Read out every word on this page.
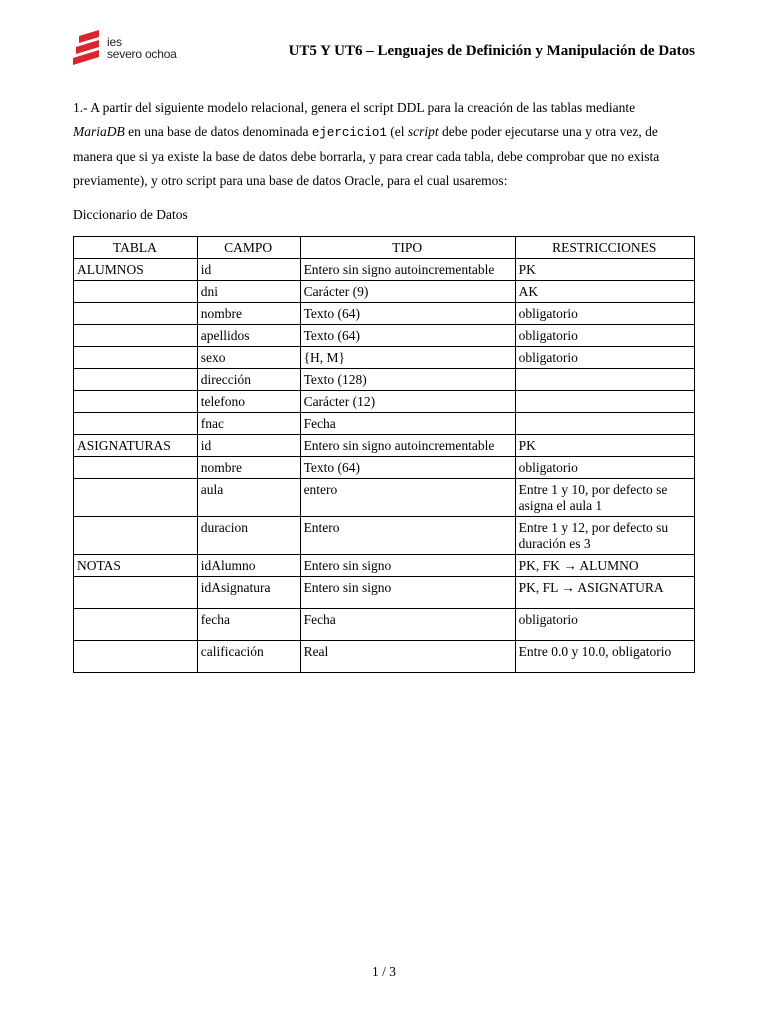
ies
severo ochoa	UT5 Y UT6 – Lenguajes de Definición y Manipulación de Datos

1.- A partir del siguiente modelo relacional, genera el script DDL para la creación de las tablas mediante
MariaDB en una base de datos denominada ejercicio1 (el script debe poder ejecutarse una y otra vez, de
manera que si ya existe la base de datos debe borrarla, y para crear cada tabla, debe comprobar que no exista
previamente), y otro script para una base de datos Oracle, para el cual usaremos:

Diccionario de Datos

TABLA	CAMPO	TIPO	RESTRICCIONES
ALUMNOS	id	Entero sin signo autoincrementable	PK
	dni	Carácter (9)	AK
	nombre	Texto (64)	obligatorio
	apellidos	Texto (64)	obligatorio
	sexo	{H, M}	obligatorio
	dirección	Texto (128)	
	telefono	Carácter (12)	
	fnac	Fecha	
ASIGNATURAS	id	Entero sin signo autoincrementable	PK
	nombre	Texto (64)	obligatorio
	aula	entero	Entre 1 y 10, por defecto se asigna el aula 1
	duracion	Entero	Entre 1 y 12, por defecto su duración es 3
NOTAS	idAlumno	Entero sin signo	PK, FK → ALUMNO
	idAsignatura	Entero sin signo	PK, FL → ASIGNATURA
	fecha	Fecha	obligatorio
	calificación	Real	Entre 0.0 y 10.0, obligatorio
1 / 3
